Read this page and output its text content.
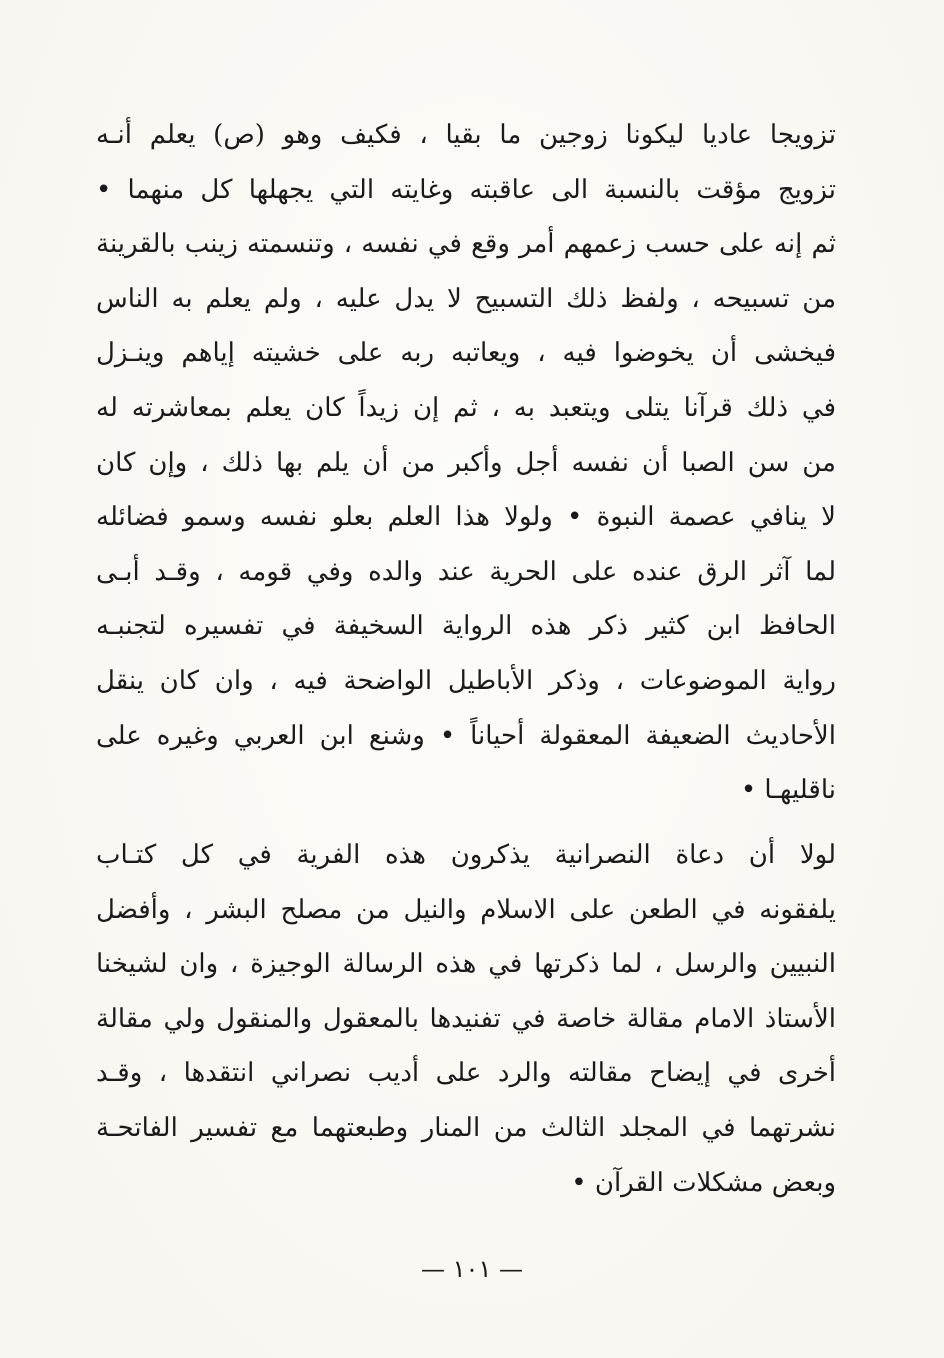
تزويجا عاديا ليكونا زوجين ما بقيا ، فكيف وهو (ص) يعلم أنـه
تزويج مؤقت بالنسبة الى عاقبته وغايته التي يجهلها كل منهما •
ثم إنه على حسب زعمهم أمر وقع في نفسه ، وتنسمته زينب بالقرينة
من تسبيحه ، ولفظ ذلك التسبيح لا يدل عليه ، ولم يعلم به الناس
فيخشى أن يخوضوا فيه ، ويعاتبه ربه على خشيته إياهم وينـزل
في ذلك قرآنا يتلى ويتعبد به ، ثم إن زيداً كان يعلم بمعاشرته له
من سن الصبا أن نفسه أجل وأكبر من أن يلم بها ذلك ، وإن كان
لا ينافي عصمة النبوة • ولولا هذا العلم بعلو نفسه وسمو فضائله
لما آثر الرق عنده على الحرية عند والده وفي قومه ، وقـد أبـى
الحافظ ابن كثير ذكر هذه الرواية السخيفة في تفسيره لتجنبـه
رواية الموضوعات ، وذكر الأباطيل الواضحة فيه ، وان كان ينقل
الأحاديث الضعيفة المعقولة أحياناً • وشنع ابن العربي وغيره على
ناقليهـا •
لولا أن دعاة النصرانية يذكرون هذه الفرية في كل كتـاب
يلفقونه في الطعن على الاسلام والنيل من مصلح البشر ، وأفضل
النبيين والرسل ، لما ذكرتها في هذه الرسالة الوجيزة ، وان لشيخنا
الأستاذ الامام مقالة خاصة في تفنيدها بالمعقول والمنقول ولي مقالة
أخرى في إيضاح مقالته والرد على أديب نصراني انتقدها ، وقـد
نشرتهما في المجلد الثالث من المنار وطبعتهما مع تفسير الفاتحـة
وبعض مشكلات القرآن •
— ١٠١ —
